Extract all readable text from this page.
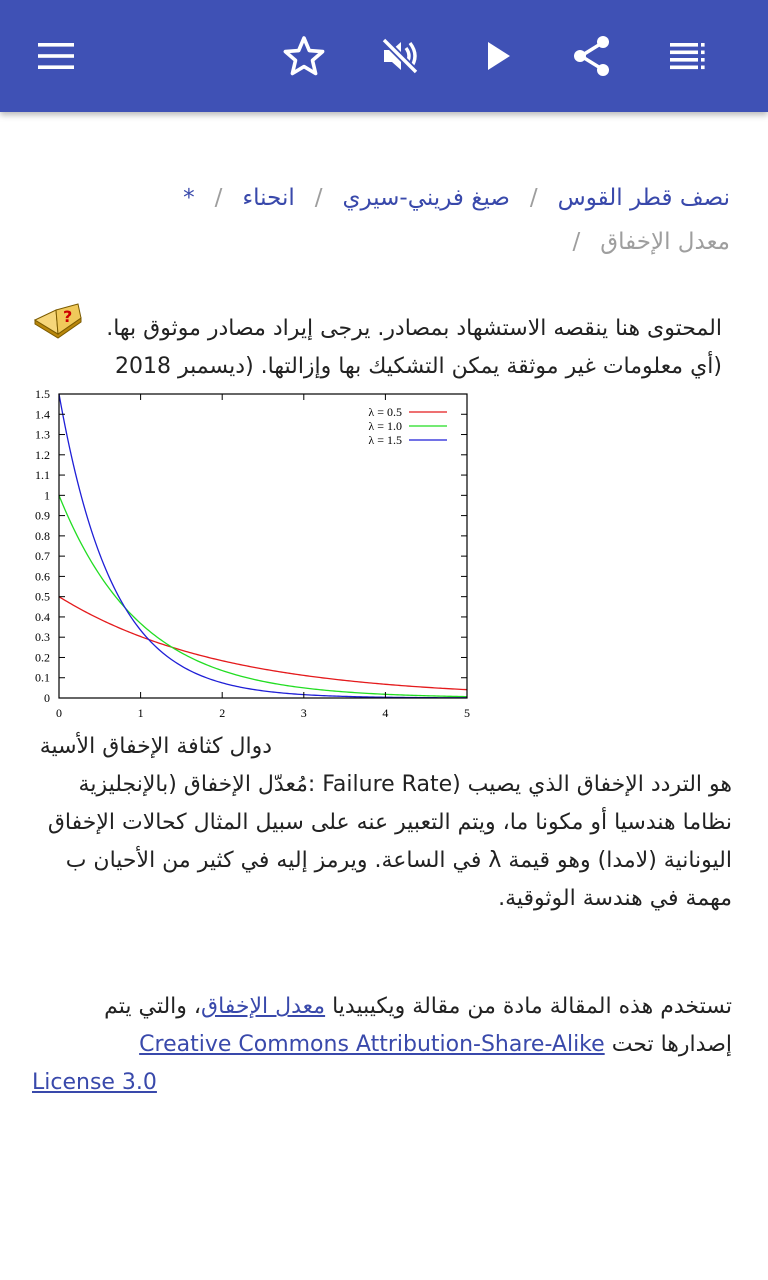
نصف قطر القوس/صيغ فريني-سيري/انحناء/*
معدل الإخفاق/
?	المحتوى هنا ينقصه الاستشهاد بمصادر. يرجى إيراد مصادر موثوق بها.
(أي معلومات غير موثقة يمكن التشكيك بها وإزالتها. (ديسمبر 2018
0	1	2	3	4	5
0
0.1
0.2
0.3
0.4
0.5
0.6
0.7
0.8
0.9
1
1.1
1.2
1.3
1.4
1.5
λ = 0.5
λ = 1.0
λ = 1.5
دوال كثافة الإخفاق الأسية
هو التردد الإخفاق الذي يصيب (Failure Rate :مُعدّل الإخفاق (بالإنجليزية
نظاما هندسيا أو مكونا ما، ويتم التعبير عنه على سبيل المثال كحالات الإخفاق
اليونانية (لامدا) وهو قيمة λ في الساعة. ويرمز إليه في كثير من الأحيان ب
مهمة في هندسة الوثوقية.
تستخدم هذه المقالة مادة من مقالة ويكيبيديا معدل الإخفاق، والتي يتم
إصدارها تحت Creative Commons Attribution-Share-Alike
License 3.0
